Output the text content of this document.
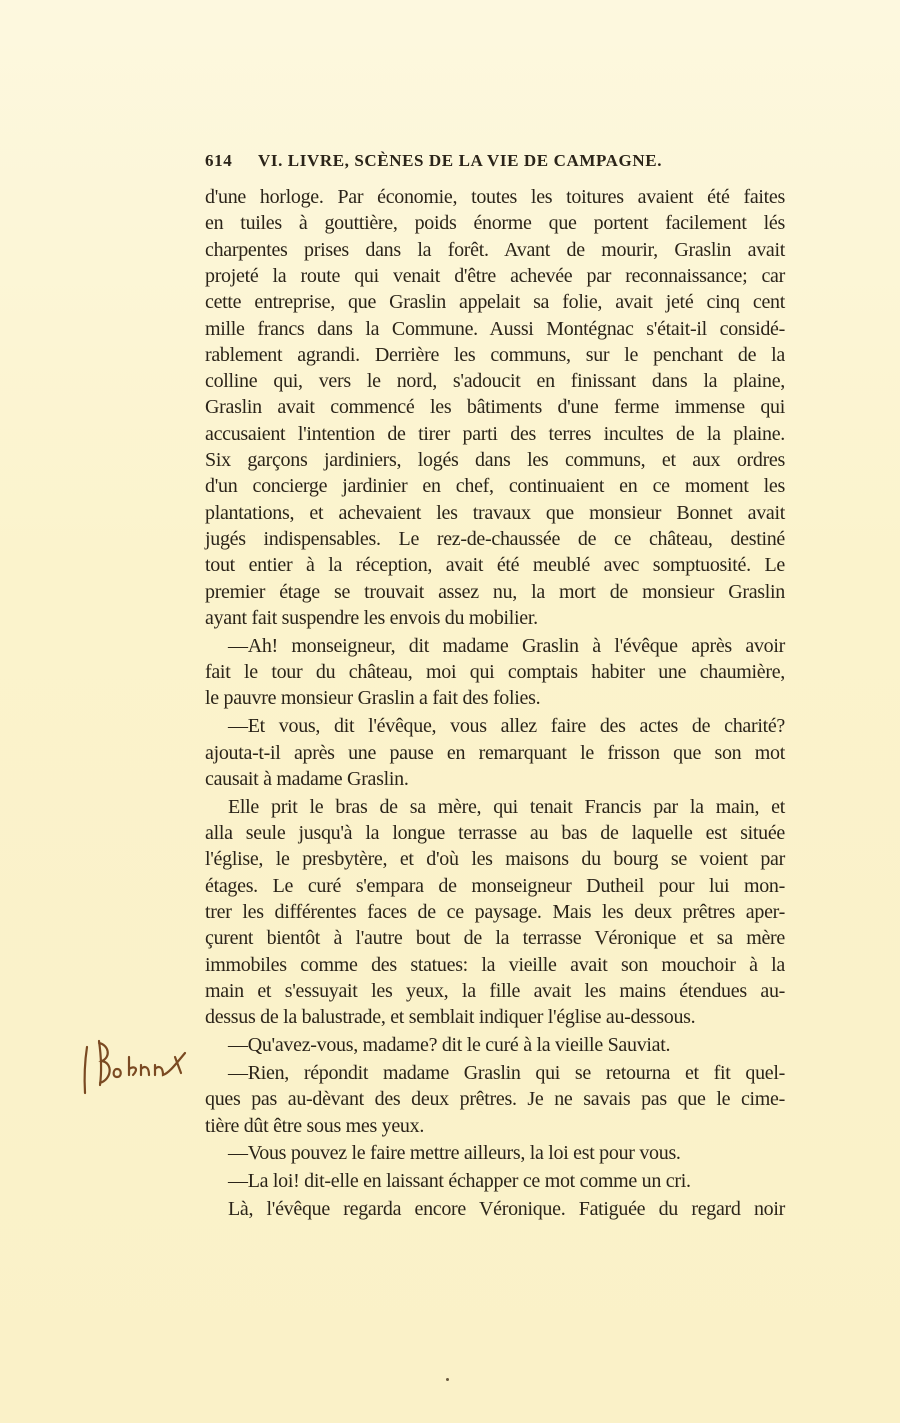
614 VI. LIVRE, SCÈNES DE LA VIE DE CAMPAGNE.
d'une horloge. Par économie, toutes les toitures avaient été faites
en tuiles à gouttière, poids énorme que portent facilement lés
charpentes prises dans la forêt. Avant de mourir, Graslin avait
projeté la route qui venait d'être achevée par reconnaissance; car
cette entreprise, que Graslin appelait sa folie, avait jeté cinq cent
mille francs dans la Commune. Aussi Montégnac s'était-il considé-
rablement agrandi. Derrière les communs, sur le penchant de la
colline qui, vers le nord, s'adoucit en finissant dans la plaine,
Graslin avait commencé les bâtiments d'une ferme immense qui
accusaient l'intention de tirer parti des terres incultes de la plaine.
Six garçons jardiniers, logés dans les communs, et aux ordres
d'un concierge jardinier en chef, continuaient en ce moment les
plantations, et achevaient les travaux que monsieur Bonnet avait
jugés indispensables. Le rez-de-chaussée de ce château, destiné
tout entier à la réception, avait été meublé avec somptuosité. Le
premier étage se trouvait assez nu, la mort de monsieur Graslin
ayant fait suspendre les envois du mobilier.
—Ah! monseigneur, dit madame Graslin à l'évêque après avoir
fait le tour du château, moi qui comptais habiter une chaumière,
le pauvre monsieur Graslin a fait des folies.
—Et vous, dit l'évêque, vous allez faire des actes de charité?
ajouta-t-il après une pause en remarquant le frisson que son mot
causait à madame Graslin.
Elle prit le bras de sa mère, qui tenait Francis par la main, et
alla seule jusqu'à la longue terrasse au bas de laquelle est située
l'église, le presbytère, et d'où les maisons du bourg se voient par
étages. Le curé s'empara de monseigneur Dutheil pour lui mon-
trer les différentes faces de ce paysage. Mais les deux prêtres aper-
çurent bientôt à l'autre bout de la terrasse Véronique et sa mère
immobiles comme des statues: la vieille avait son mouchoir à la
main et s'essuyait les yeux, la fille avait les mains étendues au-
dessus de la balustrade, et semblait indiquer l'église au-dessous.
—Qu'avez-vous, madame? dit le curé à la vieille Sauviat.
—Rien, répondit madame Graslin qui se retourna et fit quel-
ques pas au-dèvant des deux prêtres. Je ne savais pas que le cime-
tière dût être sous mes yeux.
—Vous pouvez le faire mettre ailleurs, la loi est pour vous.
—La loi! dit-elle en laissant échapper ce mot comme un cri.
Là, l'évêque regarda encore Véronique. Fatiguée du regard noir
